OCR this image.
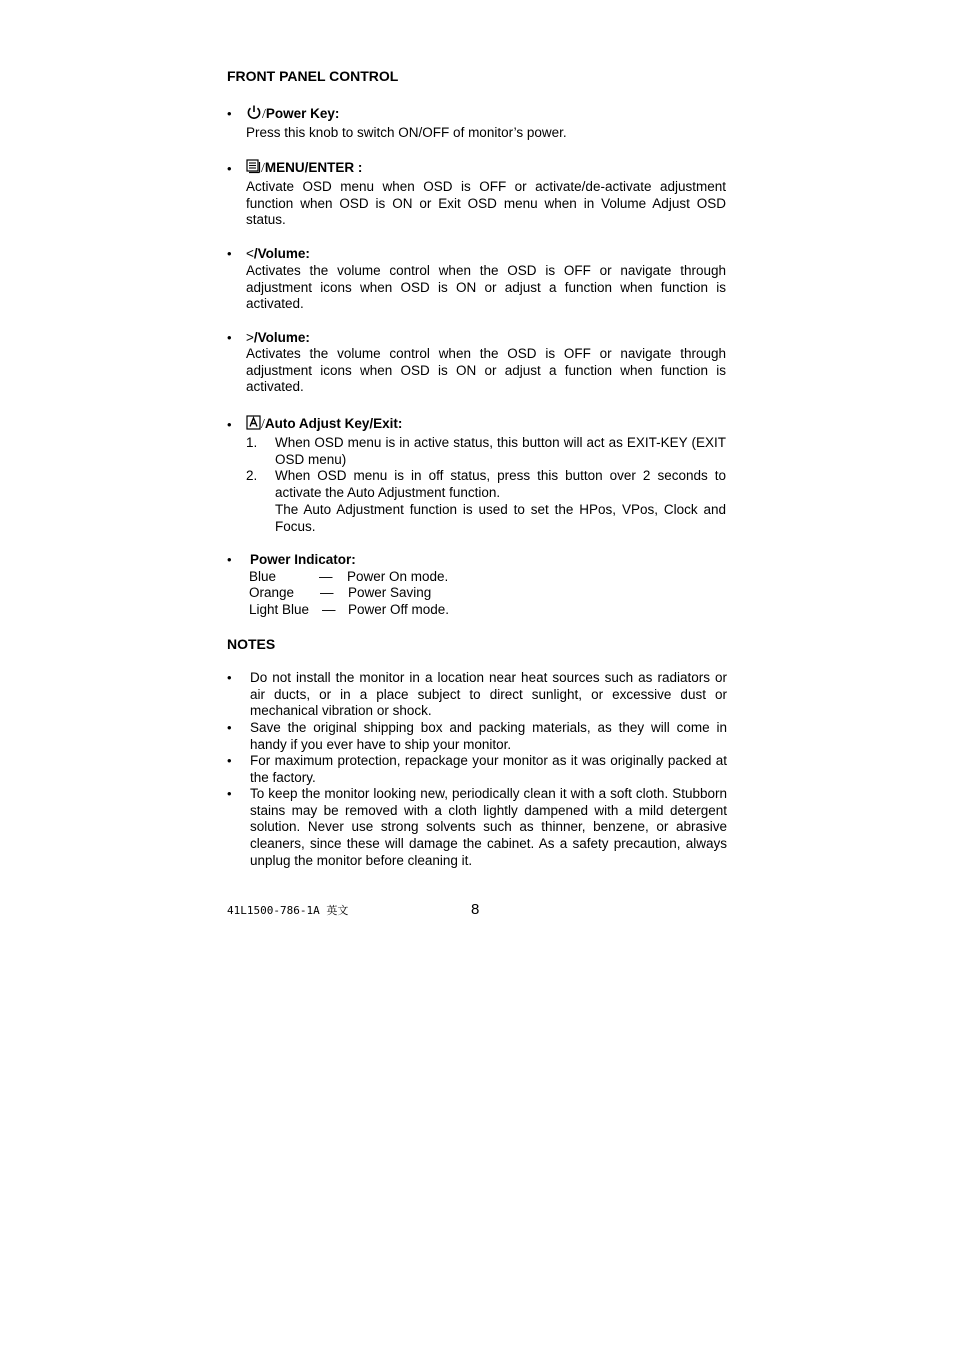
FRONT PANEL CONTROL
•	/Power Key:
Press this knob to switch ON/OFF of monitor’s power.
•	/MENU/ENTER :
Activate OSD menu when OSD is OFF or activate/de-activate adjustment function when OSD is ON or Exit OSD menu when in Volume Adjust OSD status.
• </Volume:
Activates the volume control when the OSD is OFF or navigate through adjustment icons when OSD is ON or adjust a function when function is activated.
• >/Volume:
Activates the volume control when the OSD is OFF or navigate through adjustment icons when OSD is ON or adjust a function when function is activated.
•	/Auto Adjust Key/Exit:
1. When OSD menu is in active status, this button will act as EXIT-KEY (EXIT OSD menu)
2. When OSD menu is in off status, press this button over 2 seconds to activate the Auto Adjustment function.
The Auto Adjustment function is used to set the HPos, VPos, Clock and Focus.
• Power Indicator:
Blue	— Power On mode.
Orange — Power Saving
Light Blue — Power Off mode.
NOTES
• Do not install the monitor in a location near heat sources such as radiators or air ducts, or in a place subject to direct sunlight, or excessive dust or mechanical vibration or shock.
• Save the original shipping box and packing materials, as they will come in handy if you ever have to ship your monitor.
• For maximum protection, repackage your monitor as it was originally packed at the factory.
• To keep the monitor looking new, periodically clean it with a soft cloth. Stubborn stains may be removed with a cloth lightly dampened with a mild detergent solution. Never use strong solvents such as thinner, benzene, or abrasive cleaners, since these will damage the cabinet. As a safety precaution, always unplug the monitor before cleaning it.
41L1500-786-1A 英文	8
